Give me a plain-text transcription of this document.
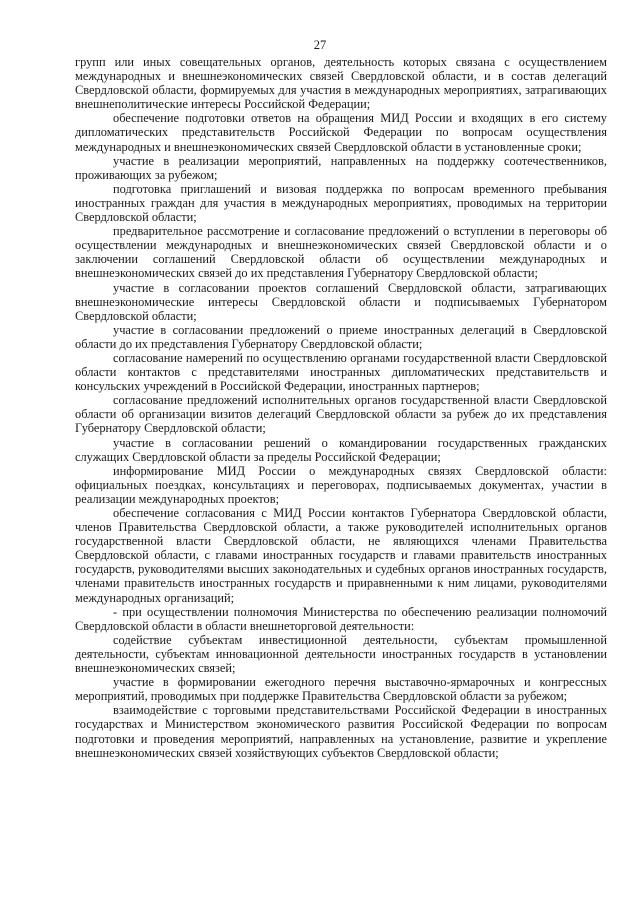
27

групп или иных совещательных органов, деятельность которых связана с осуществлением международных и внешнеэкономических связей Свердловской области, и в состав делегаций Свердловской области, формируемых для участия в международных мероприятиях, затрагивающих внешнеполитические интересы Российской Федерации;

обеспечение подготовки ответов на обращения МИД России и входящих в его систему дипломатических представительств Российской Федерации по вопросам осуществления международных и внешнеэкономических связей Свердловской области в установленные сроки;

участие в реализации мероприятий, направленных на поддержку соотечественников, проживающих за рубежом;

подготовка приглашений и визовая поддержка по вопросам временного пребывания иностранных граждан для участия в международных мероприятиях, проводимых на территории Свердловской области;

предварительное рассмотрение и согласование предложений о вступлении в переговоры об осуществлении международных и внешнеэкономических связей Свердловской области и о заключении соглашений Свердловской области об осуществлении международных и внешнеэкономических связей до их представления Губернатору Свердловской области;

участие в согласовании проектов соглашений Свердловской области, затрагивающих внешнеэкономические интересы Свердловской области и подписываемых Губернатором Свердловской области;

участие в согласовании предложений о приеме иностранных делегаций в Свердловской области до их представления Губернатору Свердловской области;

согласование намерений по осуществлению органами государственной власти Свердловской области контактов с представителями иностранных дипломатических представительств и консульских учреждений в Российской Федерации, иностранных партнеров;

согласование предложений исполнительных органов государственной власти Свердловской области об организации визитов делегаций Свердловской области за рубеж до их представления Губернатору Свердловской области;

участие в согласовании решений о командировании государственных гражданских служащих Свердловской области за пределы Российской Федерации;

информирование МИД России о международных связях Свердловской области: официальных поездках, консультациях и переговорах, подписываемых документах, участии в реализации международных проектов;

обеспечение согласования с МИД России контактов Губернатора Свердловской области, членов Правительства Свердловской области, а также руководителей исполнительных органов государственной власти Свердловской области, не являющихся членами Правительства Свердловской области, с главами иностранных государств и главами правительств иностранных государств, руководителями высших законодательных и судебных органов иностранных государств, членами правительств иностранных государств и приравненными к ним лицами, руководителями международных организаций;

- при осуществлении полномочия Министерства по обеспечению реализации полномочий Свердловской области в области внешнеторговой деятельности:

содействие субъектам инвестиционной деятельности, субъектам промышленной деятельности, субъектам инновационной деятельности иностранных государств в установлении внешнеэкономических связей;

участие в формировании ежегодного перечня выставочно-ярмарочных и конгрессных мероприятий, проводимых при поддержке Правительства Свердловской области за рубежом;

взаимодействие с торговыми представительствами Российской Федерации в иностранных государствах и Министерством экономического развития Российской Федерации по вопросам подготовки и проведения мероприятий, направленных на установление, развитие и укрепление внешнеэкономических связей хозяйствующих субъектов Свердловской области;
